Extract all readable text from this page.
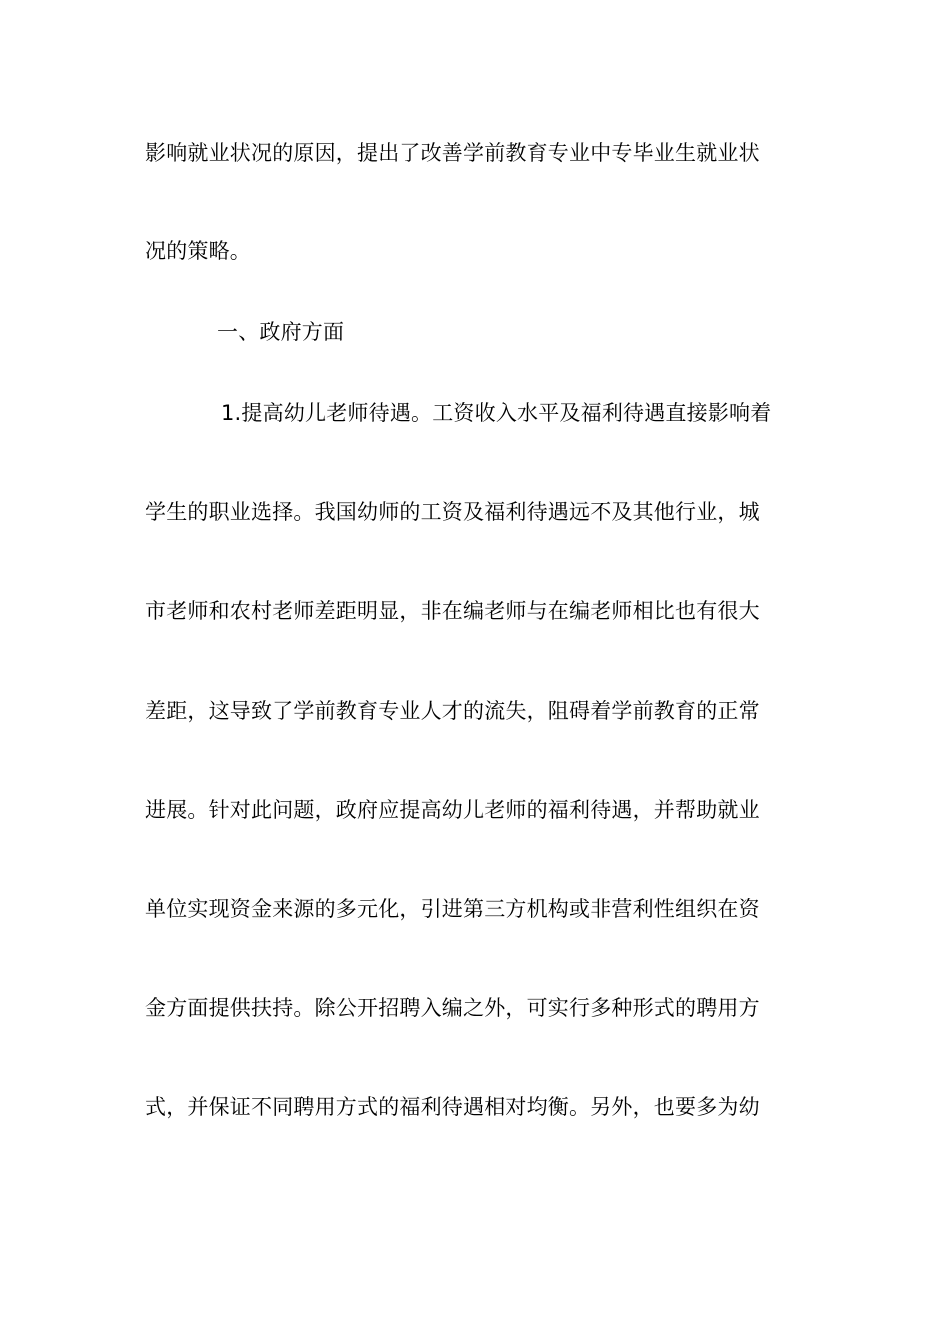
影响就业状况的原因，提出了改善学前教育专业中专毕业生就业状
况的策略。
一、政府方面
1.提高幼儿老师待遇。工资收入水平及福利待遇直接影响着
学生的职业选择。我国幼师的工资及福利待遇远不及其他行业，城
市老师和农村老师差距明显，非在编老师与在编老师相比也有很大
差距，这导致了学前教育专业人才的流失，阻碍着学前教育的正常
进展。针对此问题，政府应提高幼儿老师的福利待遇，并帮助就业
单位实现资金来源的多元化，引进第三方机构或非营利性组织在资
金方面提供扶持。除公开招聘入编之外，可实行多种形式的聘用方
式，并保证不同聘用方式的福利待遇相对均衡。另外，也要多为幼
